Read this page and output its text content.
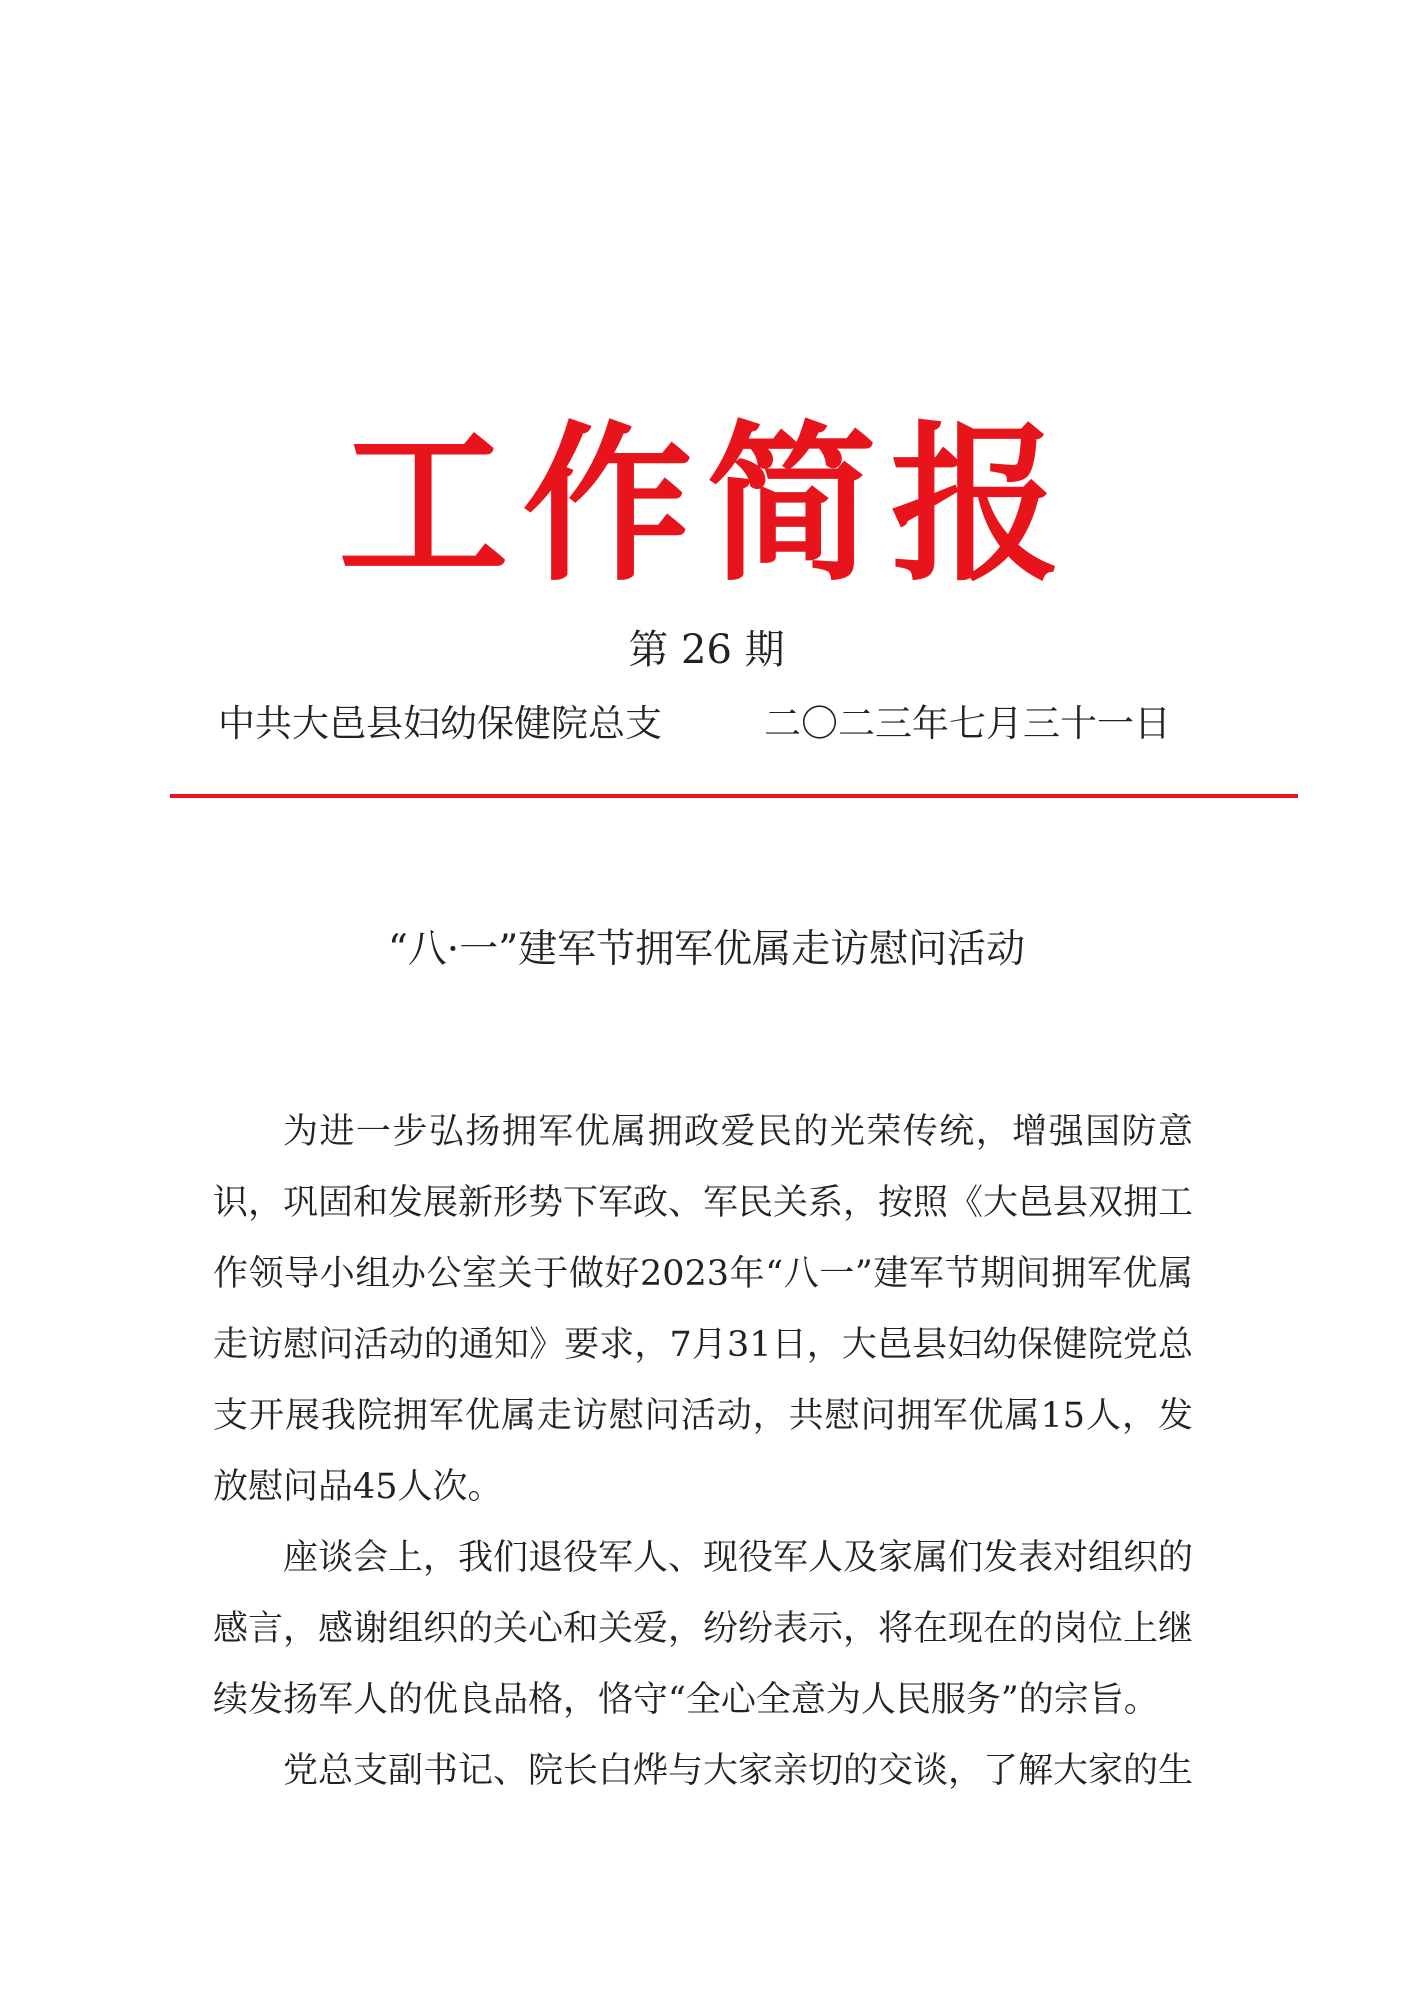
工作简报
第 26 期
中共大邑县妇幼保健院总支	二〇二三年七月三十一日
“八·一”建军节拥军优属走访慰问活动

为进一步弘扬拥军优属拥政爱民的光荣传统，增强国防意识，巩固和发展新形势下军政、军民关系，按照《大邑县双拥工作领导小组办公室关于做好2023年“八一”建军节期间拥军优属走访慰问活动的通知》要求，7月31日，大邑县妇幼保健院党总支开展我院拥军优属走访慰问活动，共慰问拥军优属15人，发放慰问品45人次。

座谈会上，我们退役军人、现役军人及家属们发表对组织的感言，感谢组织的关心和关爱，纷纷表示，将在现在的岗位上继续发扬军人的优良品格，恪守“全心全意为人民服务”的宗旨。

党总支副书记、院长白烨与大家亲切的交谈，了解大家的生
